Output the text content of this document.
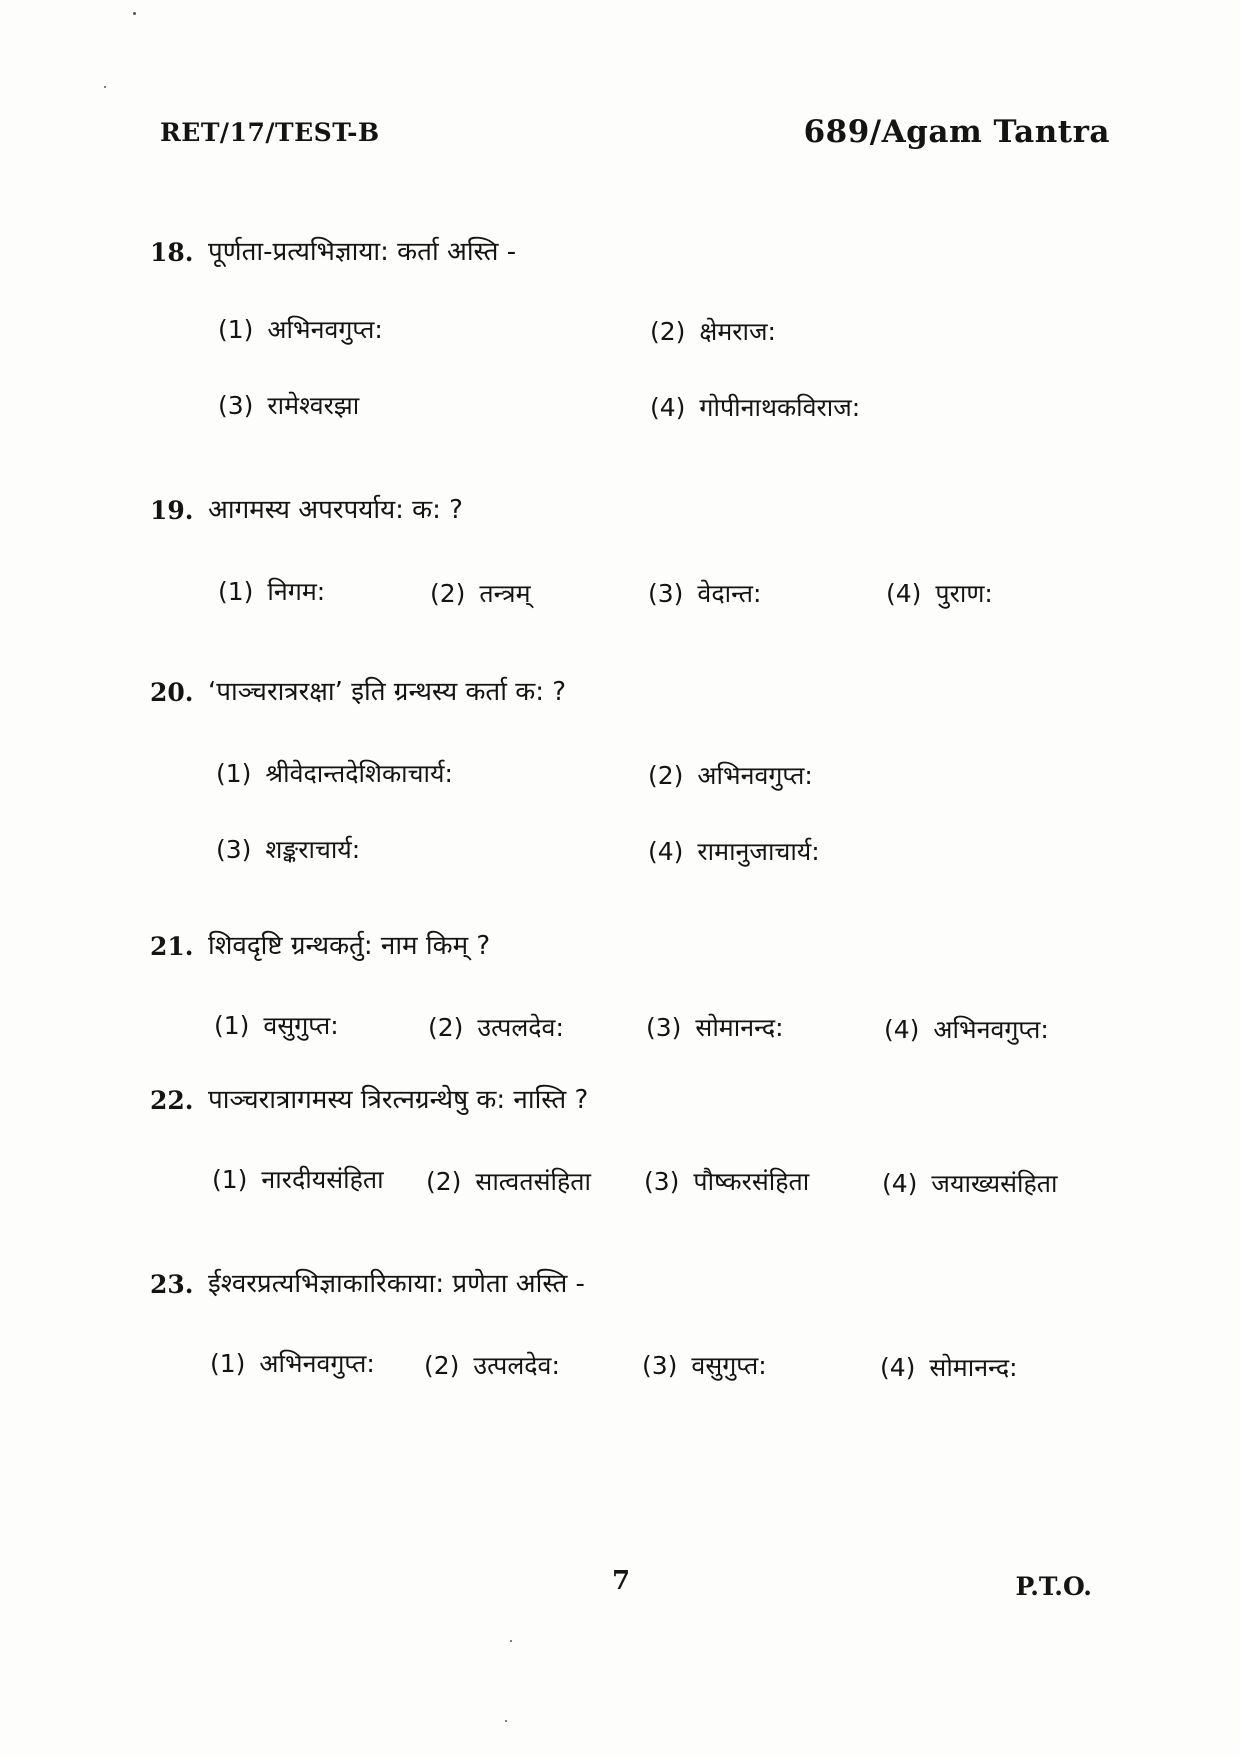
RET/17/TEST-B	689/Agam Tantra
18. पूर्णता-प्रत्यभिज्ञाया: कर्ता अस्ति -
(1) अभिनवगुप्त:	(2) क्षेमराज:
(3) रामेश्वरझा	(4) गोपीनाथकविराज:
19. आगमस्य अपरपर्याय: क: ?
(1) निगम:	(2) तन्त्रम्	(3) वेदान्त:	(4) पुराण:
20. ‘पाञ्चरात्ररक्षा’ इति ग्रन्थस्य कर्ता क: ?
(1) श्रीवेदान्तदेशिकाचार्य:	(2) अभिनवगुप्त:
(3) शङ्कराचार्य:	(4) रामानुजाचार्य:
21. शिवदृष्टि ग्रन्थकर्तु: नाम किम् ?
(1) वसुगुप्त:	(2) उत्पलदेव:	(3) सोमानन्द:	(4) अभिनवगुप्त:
22. पाञ्चरात्रागमस्य त्रिरत्नग्रन्थेषु क: नास्ति ?
(1) नारदीयसंहिता (2) सात्वतसंहिता (3) पौष्करसंहिता	(4) जयाख्यसंहिता
23. ईश्वरप्रत्यभिज्ञाकारिकाया: प्रणेता अस्ति -
(1) अभिनवगुप्त: (2) उत्पलदेव:	(3) वसुगुप्त:	(4) सोमानन्द:
7	P.T.O.
